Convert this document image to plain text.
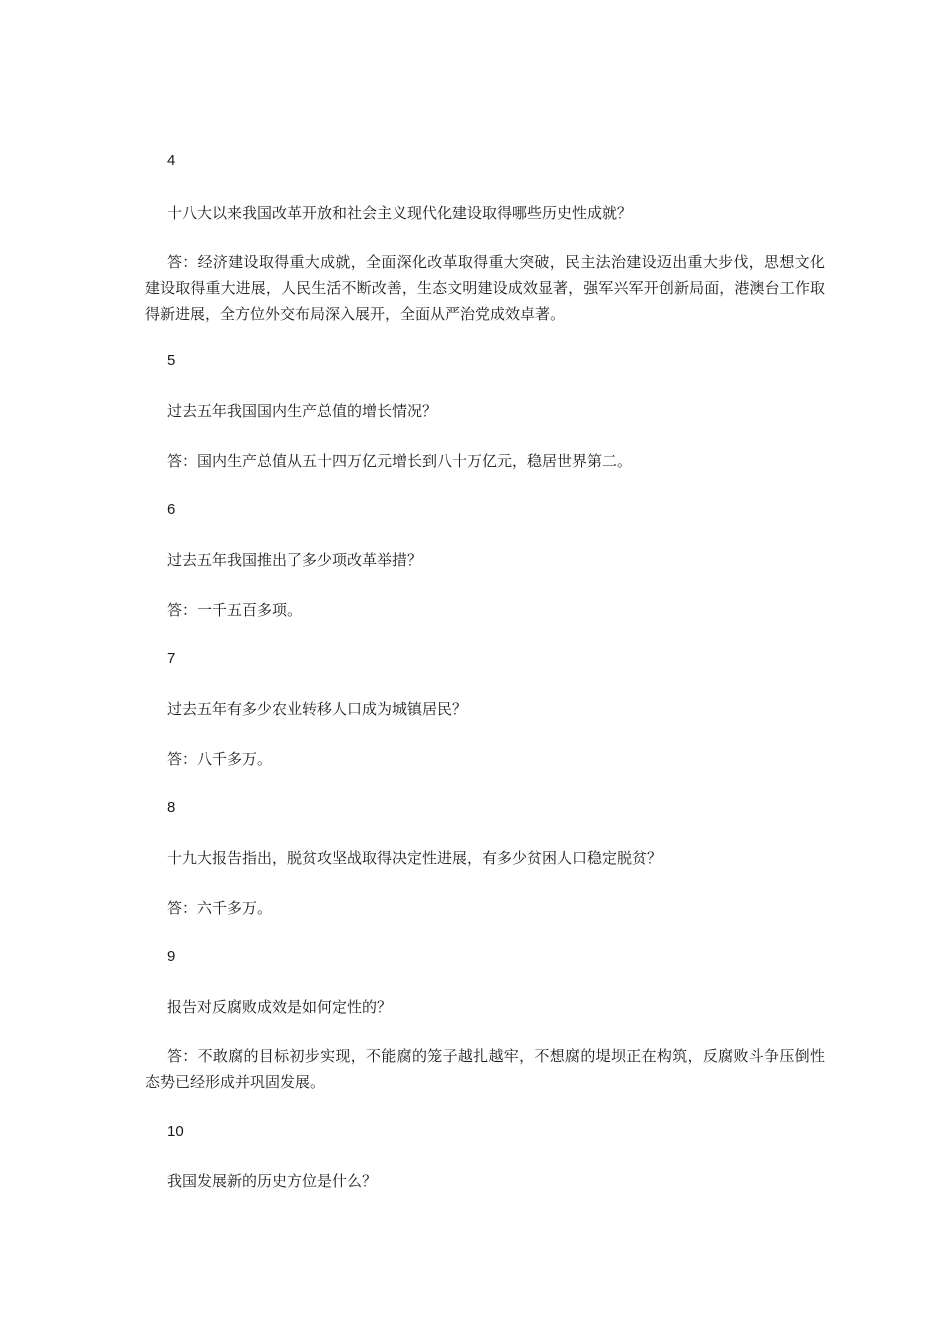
4
十八大以来我国改革开放和社会主义现代化建设取得哪些历史性成就？
答：经济建设取得重大成就，全面深化改革取得重大突破，民主法治建设迈出重大步伐，思想文化建设取得重大进展，人民生活不断改善，生态文明建设成效显著，强军兴军开创新局面，港澳台工作取得新进展，全方位外交布局深入展开，全面从严治党成效卓著。
5
过去五年我国国内生产总值的增长情况？
答：国内生产总值从五十四万亿元增长到八十万亿元，稳居世界第二。
6
过去五年我国推出了多少项改革举措？
答：一千五百多项。
7
过去五年有多少农业转移人口成为城镇居民？
答：八千多万。
8
十九大报告指出，脱贫攻坚战取得决定性进展，有多少贫困人口稳定脱贫？
答：六千多万。
9
报告对反腐败成效是如何定性的？
答：不敢腐的目标初步实现，不能腐的笼子越扎越牢，不想腐的堤坝正在构筑，反腐败斗争压倒性态势已经形成并巩固发展。
10
我国发展新的历史方位是什么？
